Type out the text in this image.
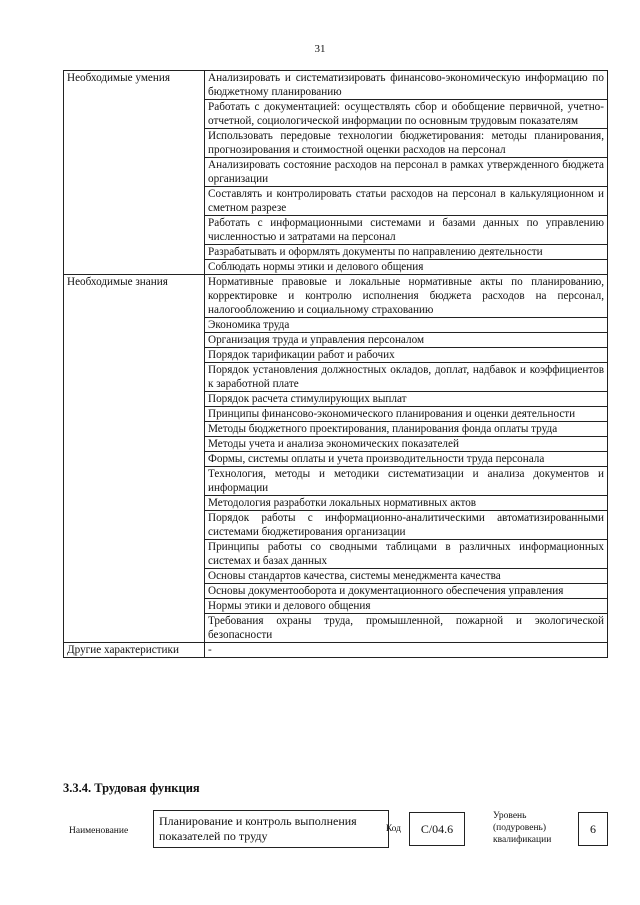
31
Необходимые умения	Анализировать и систематизировать финансово-экономическую информацию по бюджетному планированию
	Работать с документацией: осуществлять сбор и обобщение первичной, учетно-отчетной, социологической информации по основным трудовым показателям
	Использовать передовые технологии бюджетирования: методы планирования, прогнозирования и стоимостной оценки расходов на персонал
	Анализировать состояние расходов на персонал в рамках утвержденного бюджета организации
	Составлять и контролировать статьи расходов на персонал в калькуляционном и сметном разрезе
	Работать с информационными системами и базами данных по управлению численностью и затратами на персонал
	Разрабатывать и оформлять документы по направлению деятельности
	Соблюдать нормы этики и делового общения
Необходимые знания	Нормативные правовые и локальные нормативные акты по планированию, корректировке и контролю исполнения бюджета расходов на персонал, налогообложению и социальному страхованию
	Экономика труда
	Организация труда и управления персоналом
	Порядок тарификации работ и рабочих
	Порядок установления должностных окладов, доплат, надбавок и коэффициентов к заработной плате
	Порядок расчета стимулирующих выплат
	Принципы финансово-экономического планирования и оценки деятельности
	Методы бюджетного проектирования, планирования фонда оплаты труда
	Методы учета и анализа экономических показателей
	Формы, системы оплаты и учета производительности труда персонала
	Технология, методы и методики систематизации и анализа документов и информации
	Методология разработки локальных нормативных актов
	Порядок работы с информационно-аналитическими автоматизированными системами бюджетирования организации
	Принципы работы со сводными таблицами в различных информационных системах и базах данных
	Основы стандартов качества, системы менеджмента качества
	Основы документооборота и документационного обеспечения управления
	Нормы этики и делового общения
	Требования охраны труда, промышленной, пожарной и экологической безопасности
Другие характеристики	-
3.3.4. Трудовая функция
Наименование
Планирование и контроль выполнения показателей по труду	Код	C/04.6
Уровень (подуровень) квалификации
6
